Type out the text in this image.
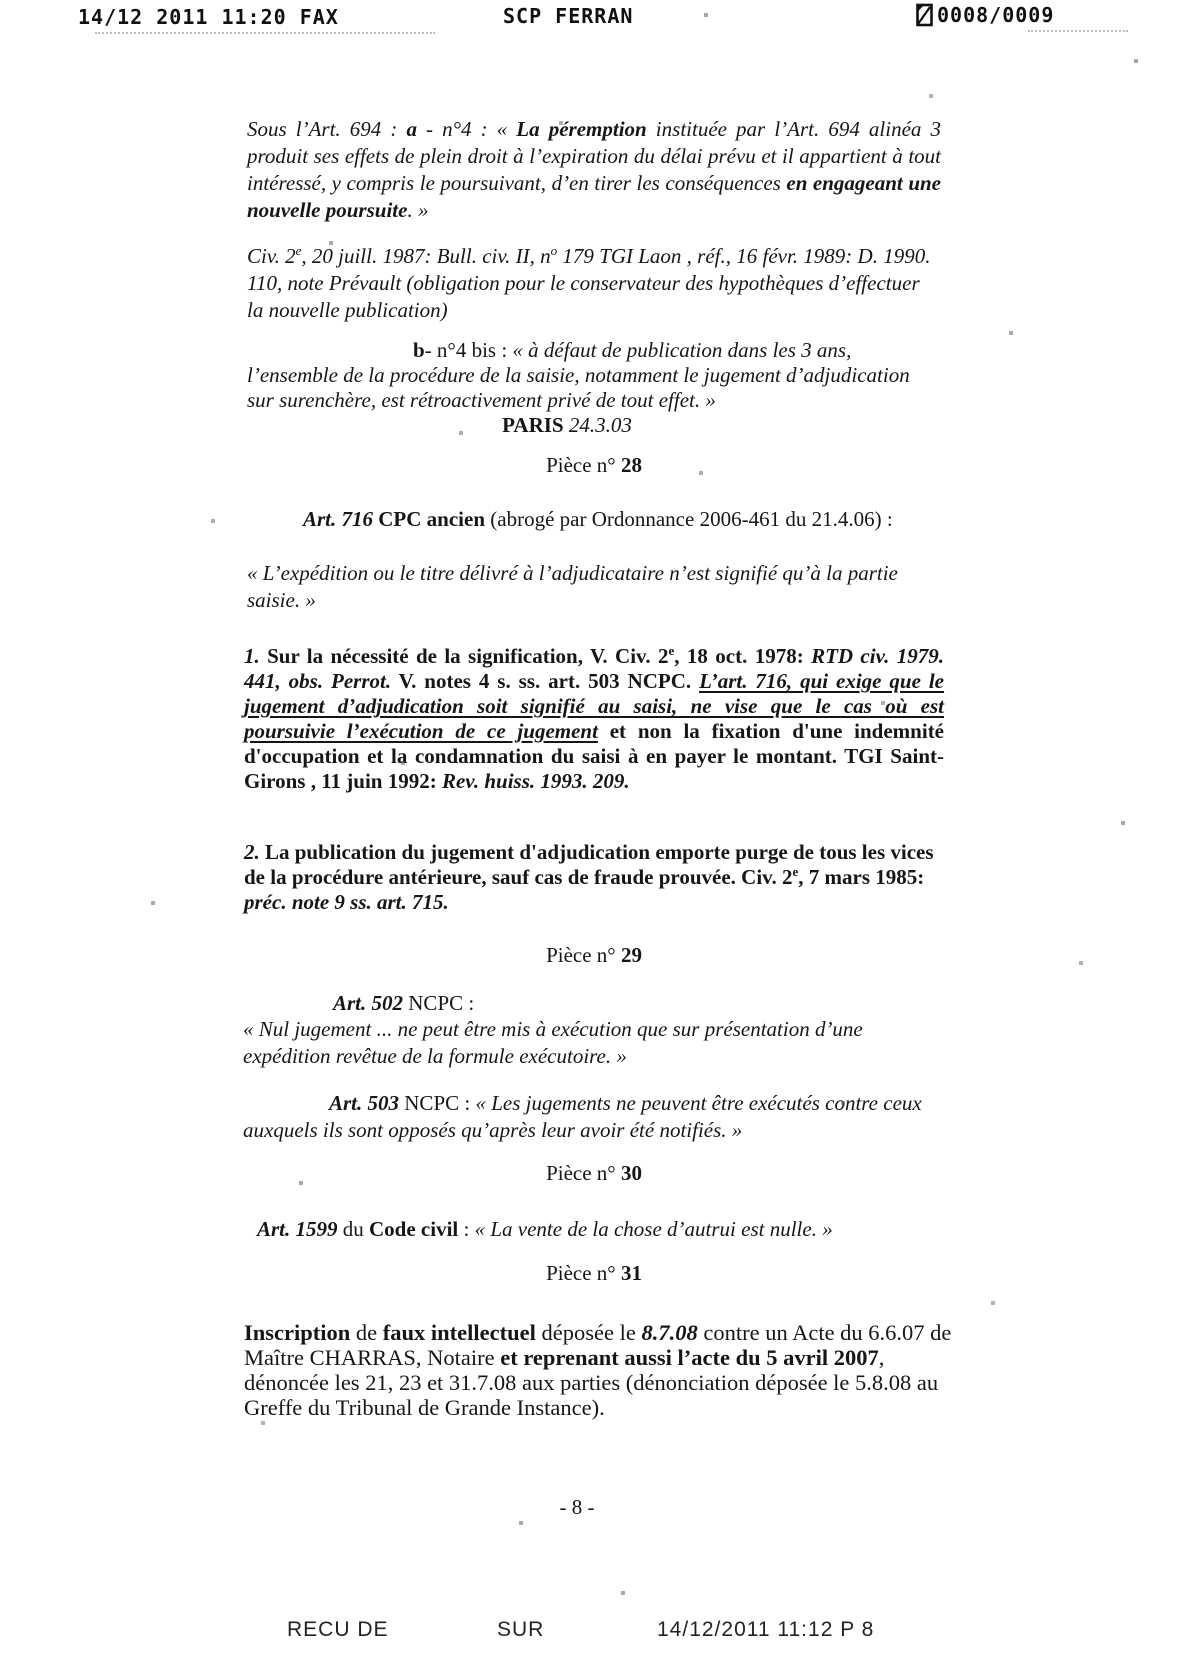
14/12 2011 11:20 FAX	SCP FERRAN	0008/0009
Sous l’Art. 694 : a - n°4 : « La péremption instituée par l’Art. 694 alinéa 3 produit ses effets de plein droit à l’expiration du délai prévu et il appartient à tout intéressé, y compris le poursuivant, d’en tirer les conséquences en engageant une nouvelle poursuite. »
Civ. 2e, 20 juill. 1987: Bull. civ. II, $n^o$ 179 TGI Laon , réf., 16 févr. 1989: D. 1990. 110, note Prévault (obligation pour le conservateur des hypothèques d’effectuer la nouvelle publication)
b- n°4 bis : « à défaut de publication dans les 3 ans, l’ensemble de la procédure de la saisie, notamment le jugement d’adjudication sur surenchère, est rétroactivement privé de tout effet. »
PARIS 24.3.03
Pièce n° 28
Art. 716 CPC ancien (abrogé par Ordonnance 2006-461 du 21.4.06) :
« L’expédition ou le titre délivré à l’adjudicataire n’est signifié qu’à la partie saisie. »
1. Sur la nécessité de la signification, V. Civ. 2e, 18 oct. 1978: RTD civ. 1979. 441, obs. Perrot. V. notes 4 s. ss. art. 503 NCPC. L’art. 716, qui exige que le jugement d’adjudication soit signifié au saisi, ne vise que le cas où est poursuivie l’exécution de ce jugement et non la fixation d'une indemnité d'occupation et la condamnation du saisi à en payer le montant. TGI Saint-Girons , 11 juin 1992: Rev. huiss. 1993. 209.
2. La publication du jugement d'adjudication emporte purge de tous les vices de la procédure antérieure, sauf cas de fraude prouvée. Civ. 2e, 7 mars 1985: préc. note 9 ss. art. 715.
Pièce n° 29
Art. 502 NCPC :
« Nul jugement ... ne peut être mis à exécution que sur présentation d’une expédition revêtue de la formule exécutoire. »
Art. 503 NCPC : « Les jugements ne peuvent être exécutés contre ceux auxquels ils sont opposés qu’après leur avoir été notifiés. »
Pièce n° 30
Art. 1599 du Code civil : « La vente de la chose d’autrui est nulle. »
Pièce n° 31
Inscription de faux intellectuel déposée le 8.7.08 contre un Acte du 6.6.07 de Maître CHARRAS, Notaire et reprenant aussi l’acte du 5 avril 2007, dénoncée les 21, 23 et 31.7.08 aux parties (dénonciation déposée le 5.8.08 au Greffe du Tribunal de Grande Instance).
- 8 -
RECU DE	SUR	14/12/2011 11:12 P 8
